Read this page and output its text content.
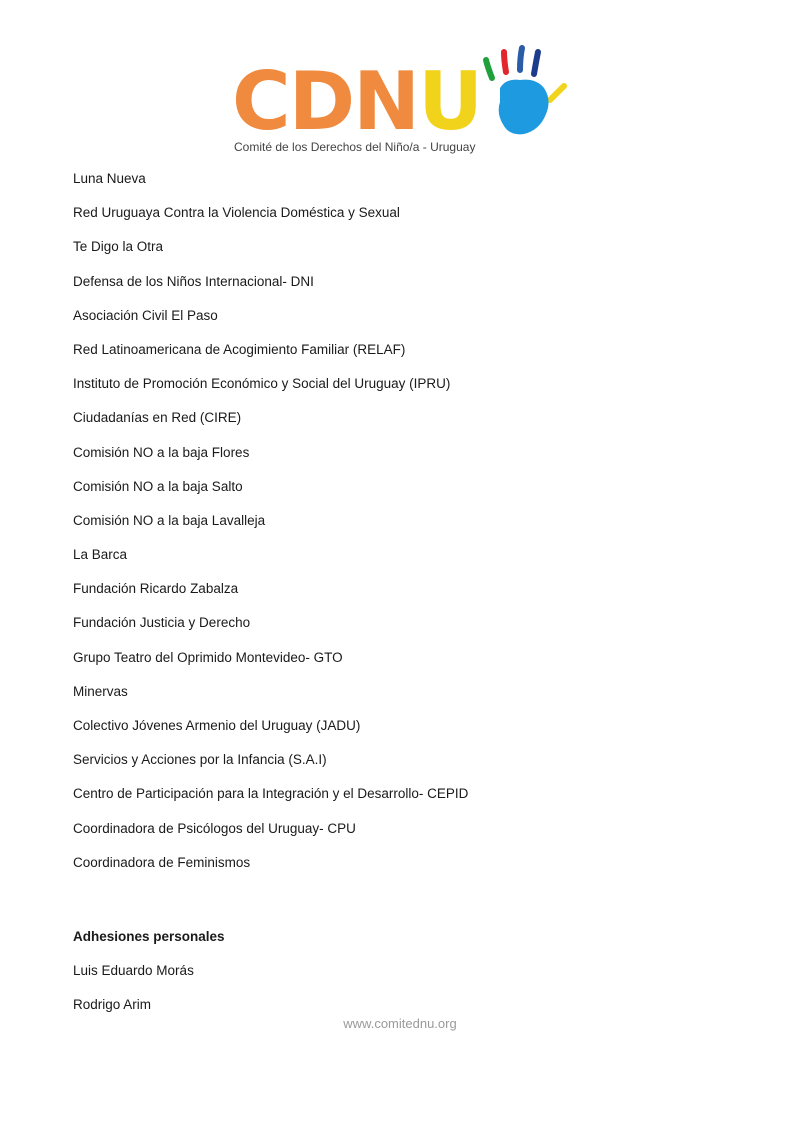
CDNU
Comité de los Derechos del Niño/a - Uruguay
Luna Nueva
Red Uruguaya Contra la Violencia Doméstica y Sexual
Te Digo la Otra
Defensa de los Niños Internacional- DNI
Asociación Civil El Paso
Red Latinoamericana de Acogimiento Familiar (RELAF)
Instituto de Promoción Económico y Social del Uruguay (IPRU)
Ciudadanías en Red (CIRE)
Comisión NO a la baja Flores
Comisión NO a la baja Salto
Comisión NO a la baja Lavalleja
La Barca
Fundación Ricardo Zabalza
Fundación Justicia y Derecho
Grupo Teatro del Oprimido Montevideo- GTO
Minervas
Colectivo Jóvenes Armenio del Uruguay (JADU)
Servicios y Acciones por la Infancia (S.A.I)
Centro de Participación para la Integración y el Desarrollo- CEPID
Coordinadora de Psicólogos del Uruguay- CPU
Coordinadora de Feminismos
Adhesiones personales
Luis Eduardo Morás
Rodrigo Arim
www.comitednu.org
